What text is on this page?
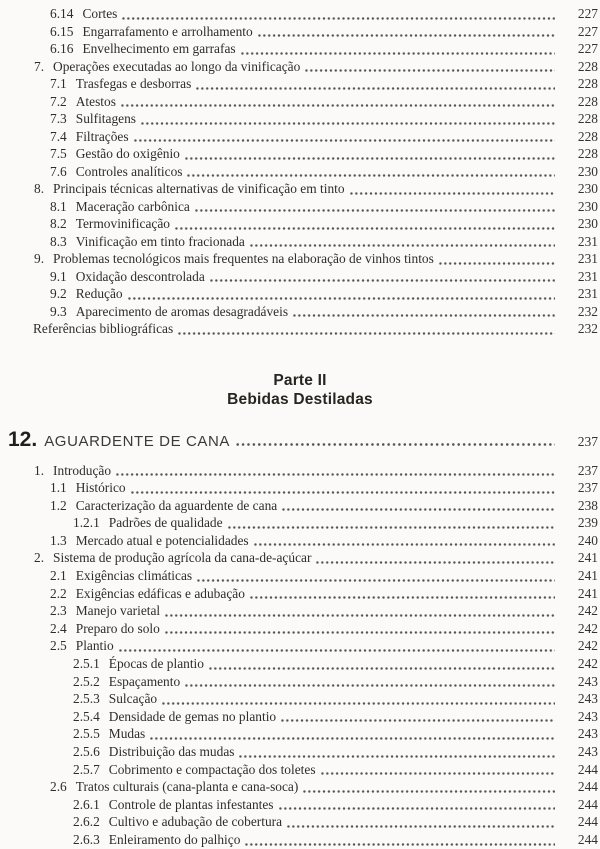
6.14 Cortes	227
6.15 Engarrafamento e arrolhamento	227
6.16 Envelhecimento em garrafas	227
7. Operações executadas ao longo da vinificação	228
7.1 Trasfegas e desborras	228
7.2 Atestos	228
7.3 Sulfitagens	228
7.4 Filtrações	228
7.5 Gestão do oxigênio	228
7.6 Controles analíticos	230
8. Principais técnicas alternativas de vinificação em tinto	230
8.1 Maceração carbônica	230
8.2 Termovinificação	230
8.3 Vinificação em tinto fracionada	231
9. Problemas tecnológicos mais frequentes na elaboração de vinhos tintos	231
9.1 Oxidação descontrolada	231
9.2 Redução	231
9.3 Aparecimento de aromas desagradáveis	232
Referências bibliográficas	232
Parte II
Bebidas Destiladas
12. AGUARDENTE DE CANA	237
1. Introdução	237
1.1 Histórico	237
1.2 Caracterização da aguardente de cana	238
1.2.1 Padrões de qualidade	239
1.3 Mercado atual e potencialidades	240
2. Sistema de produção agrícola da cana-de-açúcar	241
2.1 Exigências climáticas	241
2.2 Exigências edáficas e adubação	241
2.3 Manejo varietal	242
2.4 Preparo do solo	242
2.5 Plantio	242
2.5.1 Épocas de plantio	242
2.5.2 Espaçamento	243
2.5.3 Sulcação	243
2.5.4 Densidade de gemas no plantio	243
2.5.5 Mudas	243
2.5.6 Distribuição das mudas	243
2.5.7 Cobrimento e compactação dos toletes	244
2.6 Tratos culturais (cana-planta e cana-soca)	244
2.6.1 Controle de plantas infestantes	244
2.6.2 Cultivo e adubação de cobertura	244
2.6.3 Enleiramento do palhiço	244
